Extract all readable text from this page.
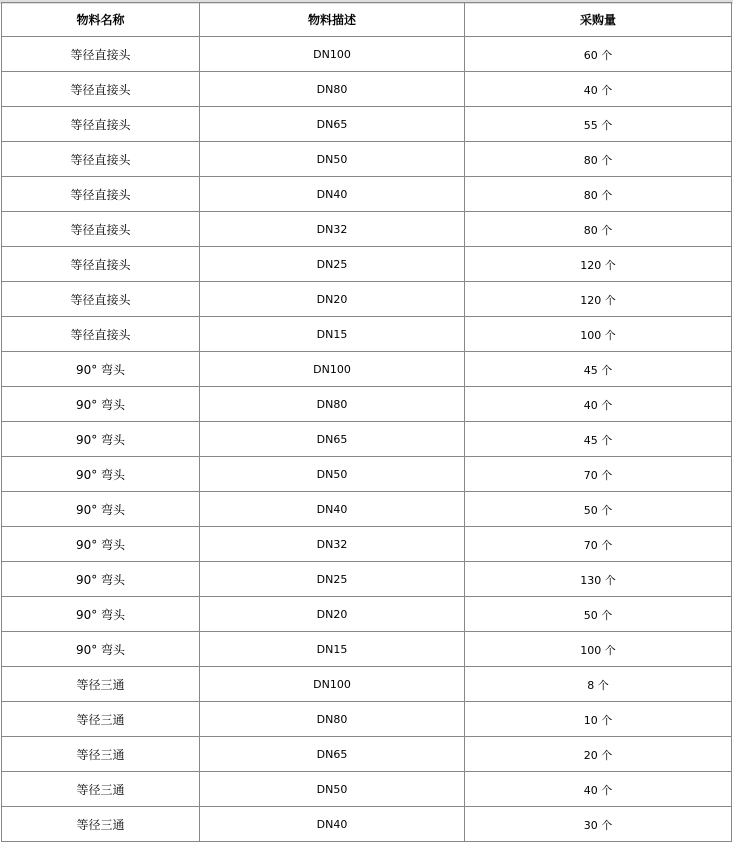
物料名称	物料描述	采购量
等径直接头	DN100	60 个
等径直接头	DN80	40 个
等径直接头	DN65	55 个
等径直接头	DN50	80 个
等径直接头	DN40	80 个
等径直接头	DN32	80 个
等径直接头	DN25	120 个
等径直接头	DN20	120 个
等径直接头	DN15	100 个
90° 弯头	DN100	45 个
90° 弯头	DN80	40 个
90° 弯头	DN65	45 个
90° 弯头	DN50	70 个
90° 弯头	DN40	50 个
90° 弯头	DN32	70 个
90° 弯头	DN25	130 个
90° 弯头	DN20	50 个
90° 弯头	DN15	100 个
等径三通	DN100	8 个
等径三通	DN80	10 个
等径三通	DN65	20 个
等径三通	DN50	40 个
等径三通	DN40	30 个
